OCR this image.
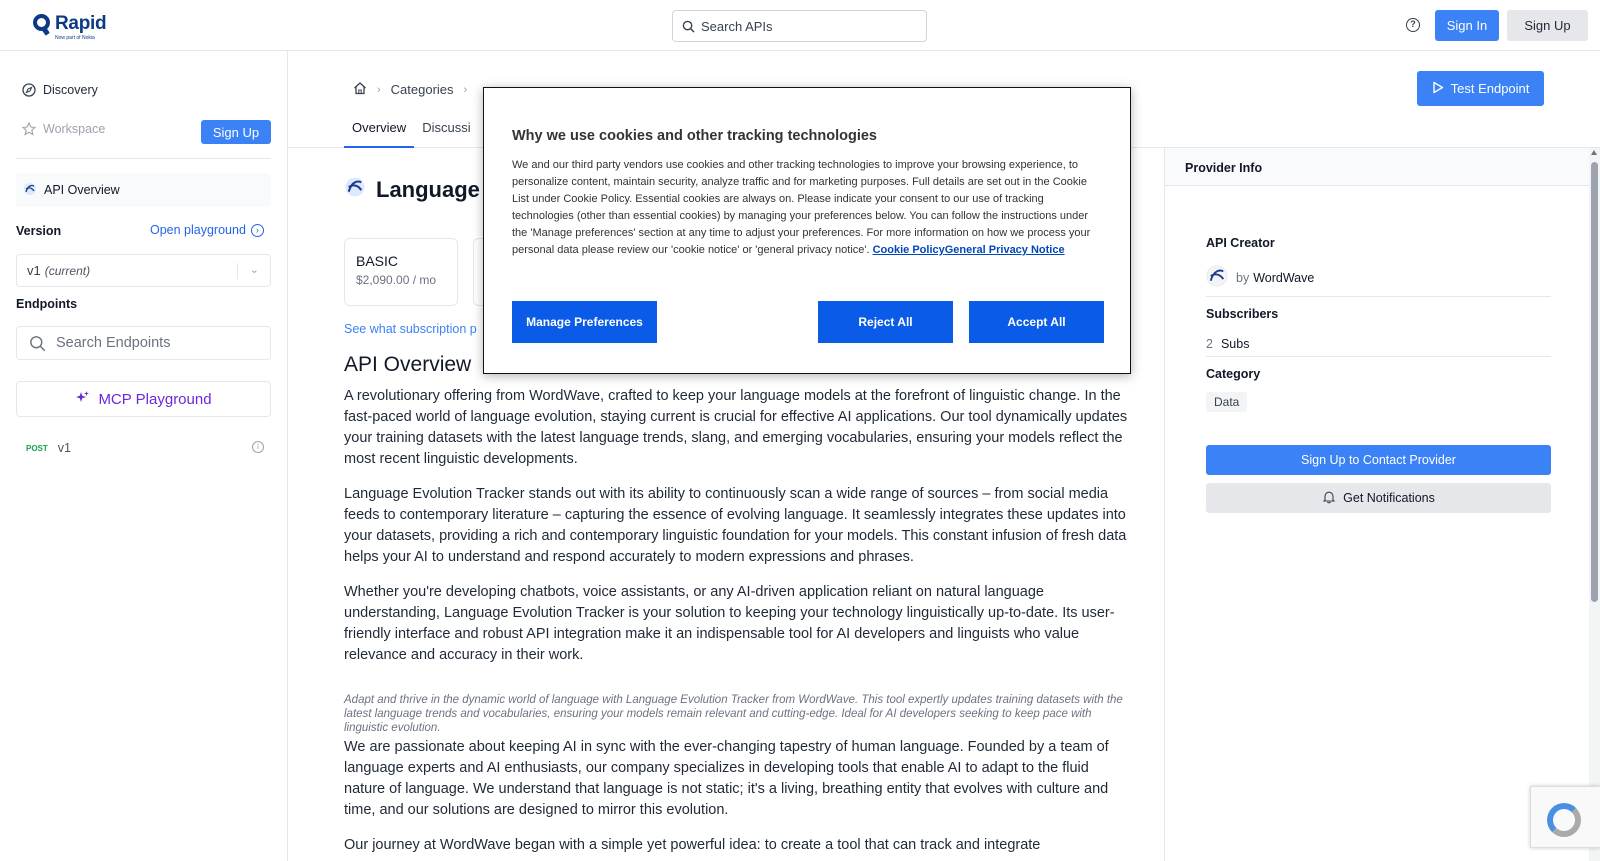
Rapid
Now part of Nokia
Search APIs	?	Sign In	Sign Up
Discovery
Workspace	Sign Up
API Overview
Version	Open playground	›
v1 (current)	⌄
Endpoints
Search Endpoints
MCP Playground
POST v1	i
› Categories ›
Overview	Discussi
Test Endpoint
Language
BASIC
$2,090.00 / mo
See what subscription p
API Overview
A revolutionary offering from WordWave, crafted to keep your language models at the forefront of linguistic change. In the fast-paced world of language evolution, staying current is crucial for effective AI applications. Our tool dynamically updates your training datasets with the latest language trends, slang, and emerging vocabularies, ensuring your models reflect the most recent linguistic developments.
Language Evolution Tracker stands out with its ability to continuously scan a wide range of sources – from social media feeds to contemporary literature – capturing the essence of evolving language. It seamlessly integrates these updates into your datasets, providing a rich and contemporary linguistic foundation for your models. This constant infusion of fresh data helps your AI to understand and respond accurately to modern expressions and phrases.
Whether you're developing chatbots, voice assistants, or any AI-driven application reliant on natural language understanding, Language Evolution Tracker is your solution to keeping your technology linguistically up-to-date. Its user-friendly interface and robust API integration make it an indispensable tool for AI developers and linguists who value relevance and accuracy in their work.
Adapt and thrive in the dynamic world of language with Language Evolution Tracker from WordWave. This tool expertly updates training datasets with the latest language trends and vocabularies, ensuring your models remain relevant and cutting-edge. Ideal for AI developers seeking to keep pace with linguistic evolution.
We are passionate about keeping AI in sync with the ever-changing tapestry of human language. Founded by a team of language experts and AI enthusiasts, our company specializes in developing tools that enable AI to adapt to the fluid nature of language. We understand that language is not static; it's a living, breathing entity that evolves with culture and time, and our solutions are designed to mirror this evolution.
Our journey at WordWave began with a simple yet powerful idea: to create a tool that can track and integrate
Provider Info
API Creator
by WordWave
Subscribers
2 Subs
Category
Data
Sign Up to Contact Provider
Get Notifications
Why we use cookies and other tracking technologies
We and our third party vendors use cookies and other tracking technologies to improve your browsing experience, to personalize content, maintain security, analyze traffic and for marketing purposes. Full details are set out in the Cookie List under Cookie Policy. Essential cookies are always on. Please indicate your consent to our use of tracking technologies (other than essential cookies) by managing your preferences below. You can follow the instructions under the 'Manage preferences' section at any time to adjust your preferences. For more information on how we process your personal data please review our 'cookie notice' or 'general privacy notice'. Cookie PolicyGeneral Privacy Notice
Manage Preferences	Reject All	Accept All
